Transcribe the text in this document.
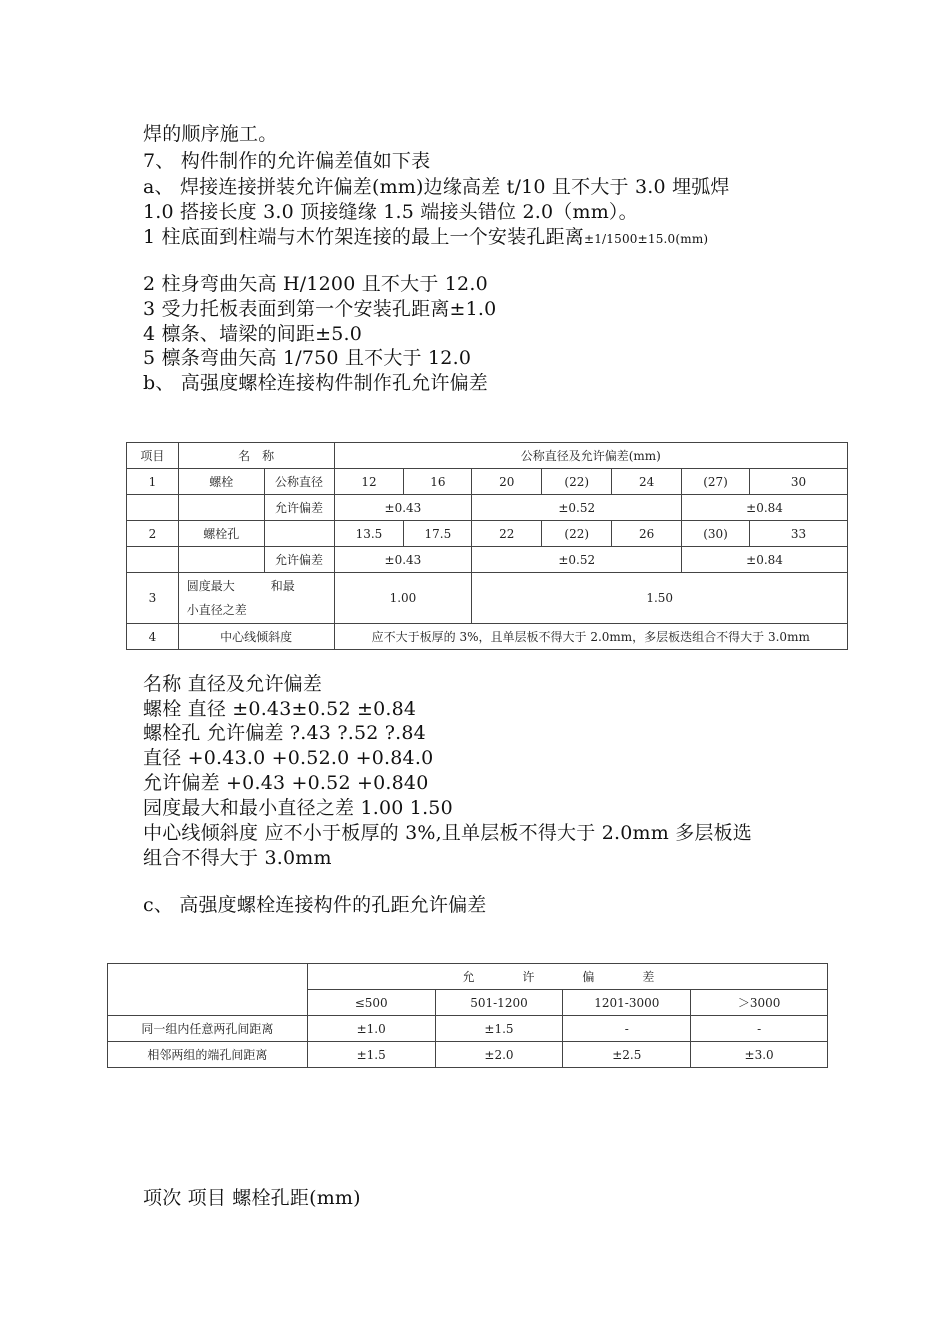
焊的顺序施工。
7、 构件制作的允许偏差值如下表
a、 焊接连接拼装允许偏差(mm)边缘高差 t/10 且不大于 3.0 埋弧焊
1.0 搭接长度 3.0 顶接缝缘 1.5 端接头错位 2.0（mm）。
1 柱底面到柱端与木竹架连接的最上一个安装孔距离±1/1500±15.0(mm)
2 柱身弯曲矢高 H/1200 且不大于 12.0
3 受力托板表面到第一个安装孔距离±1.0
4 檩条、墙梁的间距±5.0
5 檩条弯曲矢高 1/750 且不大于 12.0
b、 高强度螺栓连接构件制作孔允许偏差
项目	名　称		公称直径及允许偏差(mm)						
1	螺栓	公称直径	12	16	20	(22)	24	(27)	30
		允许偏差	±0.43		±0.52			±0.84	
2	螺栓孔		13.5	17.5	22	(22)	26	(30)	33
		允许偏差	±0.43		±0.52			±0.84	
3	圆度最大　　　和最
小直径之差		1.00		1.50				
4	中心线倾斜度		应不大于板厚的 3%，且单层板不得大于 2.0mm，多层板迭组合不得大于 3.0mm						
名称 直径及允许偏差
螺栓 直径 ±0.43±0.52 ±0.84
螺栓孔 允许偏差 ?.43 ?.52 ?.84
直径 +0.43.0 +0.52.0 +0.84.0
允许偏差 +0.43 +0.52 +0.840
园度最大和最小直径之差 1.00 1.50
中心线倾斜度 应不小于板厚的 3%,且单层板不得大于 2.0mm 多层板选
组合不得大于 3.0mm
c、 高强度螺栓连接构件的孔距允许偏差
	允　许　偏　差			
	≤500	501-1200	1201-3000	＞3000
同一组内任意两孔间距离	±1.0	±1.5	-	-
相邻两组的端孔间距离	±1.5	±2.0	±2.5	±3.0
项次 项目 螺栓孔距(mm)
